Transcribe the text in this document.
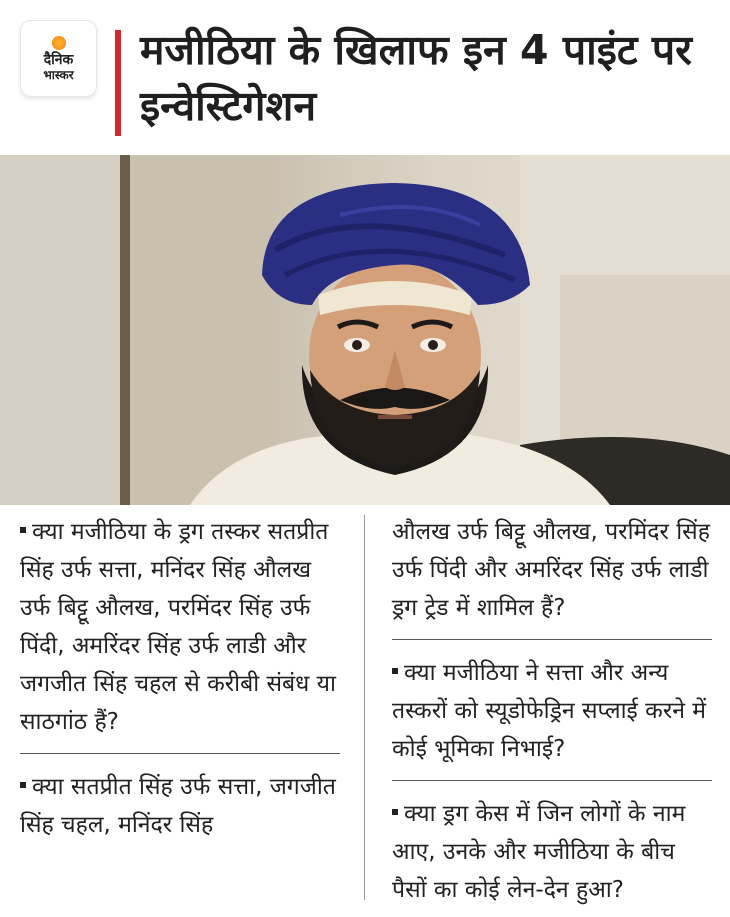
दैनिक
भास्कर
मजीठिया के खिलाफ इन 4 पाइंट पर इन्वेस्टिगेशन
क्या मजीठिया के ड्रग तस्कर सतप्रीत सिंह उर्फ सत्ता, मनिंदर सिंह औलख उर्फ बिट्टू औलख, परमिंदर सिंह उर्फ पिंदी, अमरिंदर सिंह उर्फ लाडी और जगजीत सिंह चहल से करीबी संबंध या साठगांठ हैं?
क्या सतप्रीत सिंह उर्फ सत्ता, जगजीत सिंह चहल, मनिंदर सिंह
औलख उर्फ बिट्टू औलख, परमिंदर सिंह उर्फ पिंदी और अमरिंदर सिंह उर्फ लाडी ड्रग ट्रेड में शामिल हैं?
क्या मजीठिया ने सत्ता और अन्य तस्करों को स्यूडोफेड्रिन सप्लाई करने में कोई भूमिका निभाई?
क्या ड्रग केस में जिन लोगों के नाम आए, उनके और मजीठिया के बीच पैसों का कोई लेन-देन हुआ?
